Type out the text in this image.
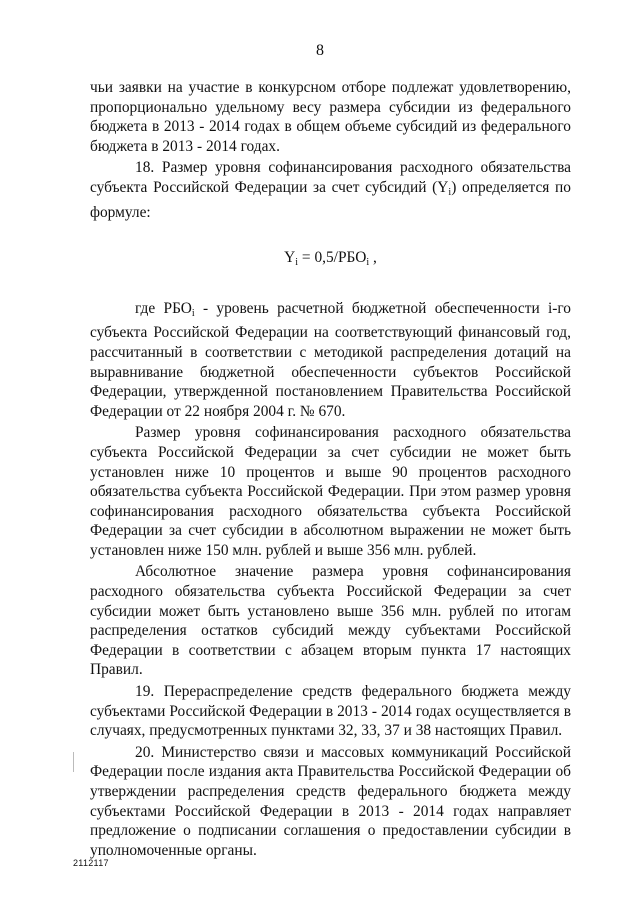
8

чьи заявки на участие в конкурсном отборе подлежат удовлетворению, пропорционально удельному весу размера субсидии из федерального бюджета в 2013 - 2014 годах в общем объеме субсидий из федерального бюджета в 2013 - 2014 годах.

18. Размер уровня софинансирования расходного обязательства субъекта Российской Федерации за счет субсидий $(Y_i)$ определяется по формуле:

$Y_i = 0,5/РБО_i$ ,

где $РБО_i$ - уровень расчетной бюджетной обеспеченности i-го субъекта Российской Федерации на соответствующий финансовый год, рассчитанный в соответствии с методикой распределения дотаций на выравнивание бюджетной обеспеченности субъектов Российской Федерации, утвержденной постановлением Правительства Российской Федерации от 22 ноября 2004 г. № 670.

Размер уровня софинансирования расходного обязательства субъекта Российской Федерации за счет субсидии не может быть установлен ниже 10 процентов и выше 90 процентов расходного обязательства субъекта Российской Федерации. При этом размер уровня софинансирования расходного обязательства субъекта Российской Федерации за счет субсидии в абсолютном выражении не может быть установлен ниже 150 млн. рублей и выше 356 млн. рублей.

Абсолютное значение размера уровня софинансирования расходного обязательства субъекта Российской Федерации за счет субсидии может быть установлено выше 356 млн. рублей по итогам распределения остатков субсидий между субъектами Российской Федерации в соответствии с абзацем вторым пункта 17 настоящих Правил.

19. Перераспределение средств федерального бюджета между субъектами Российской Федерации в 2013 - 2014 годах осуществляется в случаях, предусмотренных пунктами 32, 33, 37 и 38 настоящих Правил.

20. Министерство связи и массовых коммуникаций Российской Федерации после издания акта Правительства Российской Федерации об утверждении распределения средств федерального бюджета между субъектами Российской Федерации в 2013 - 2014 годах направляет предложение о подписании соглашения о предоставлении субсидии в уполномоченные органы.

2112117
